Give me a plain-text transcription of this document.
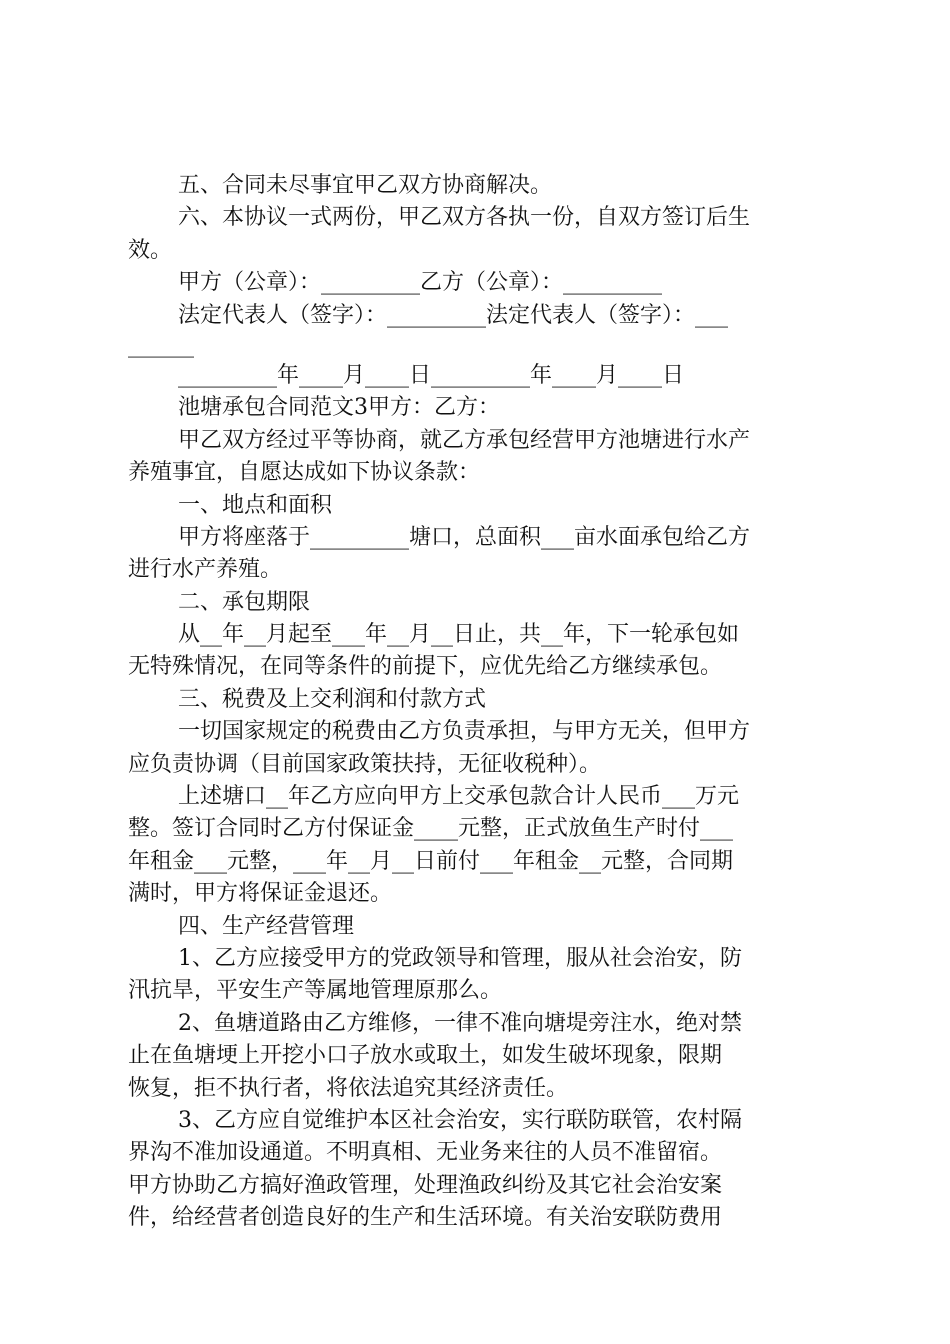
五、合同未尽事宜甲乙双方协商解决。
六、本协议一式两份，甲乙双方各执一份，自双方签订后生
效。
甲方（公章）：_________乙方（公章）：_________
法定代表人（签字）：_________法定代表人（签字）：___
______
_________年____月____日_________年____月____日
池塘承包合同范文3甲方：乙方：
甲乙双方经过平等协商，就乙方承包经营甲方池塘进行水产
养殖事宜，自愿达成如下协议条款：
一、地点和面积
甲方将座落于_________塘口，总面积___亩水面承包给乙方
进行水产养殖。
二、承包期限
从__年__月起至___年__月__日止，共__年，下一轮承包如
无特殊情况，在同等条件的前提下，应优先给乙方继续承包。
三、税费及上交利润和付款方式
一切国家规定的税费由乙方负责承担，与甲方无关，但甲方
应负责协调（目前国家政策扶持，无征收税种）。
上述塘口__年乙方应向甲方上交承包款合计人民币___万元
整。签订合同时乙方付保证金____元整，正式放鱼生产时付___
年租金___元整，___年__月__日前付___年租金__元整，合同期
满时，甲方将保证金退还。
四、生产经营管理
1、乙方应接受甲方的党政领导和管理，服从社会治安，防
汛抗旱，平安生产等属地管理原那么。
2、鱼塘道路由乙方维修，一律不准向塘堤旁注水，绝对禁
止在鱼塘埂上开挖小口子放水或取土，如发生破坏现象，限期
恢复，拒不执行者，将依法追究其经济责任。
3、乙方应自觉维护本区社会治安，实行联防联管，农村隔
界沟不准加设通道。不明真相、无业务来往的人员不准留宿。
甲方协助乙方搞好渔政管理，处理渔政纠纷及其它社会治安案
件，给经营者创造良好的生产和生活环境。有关治安联防费用
